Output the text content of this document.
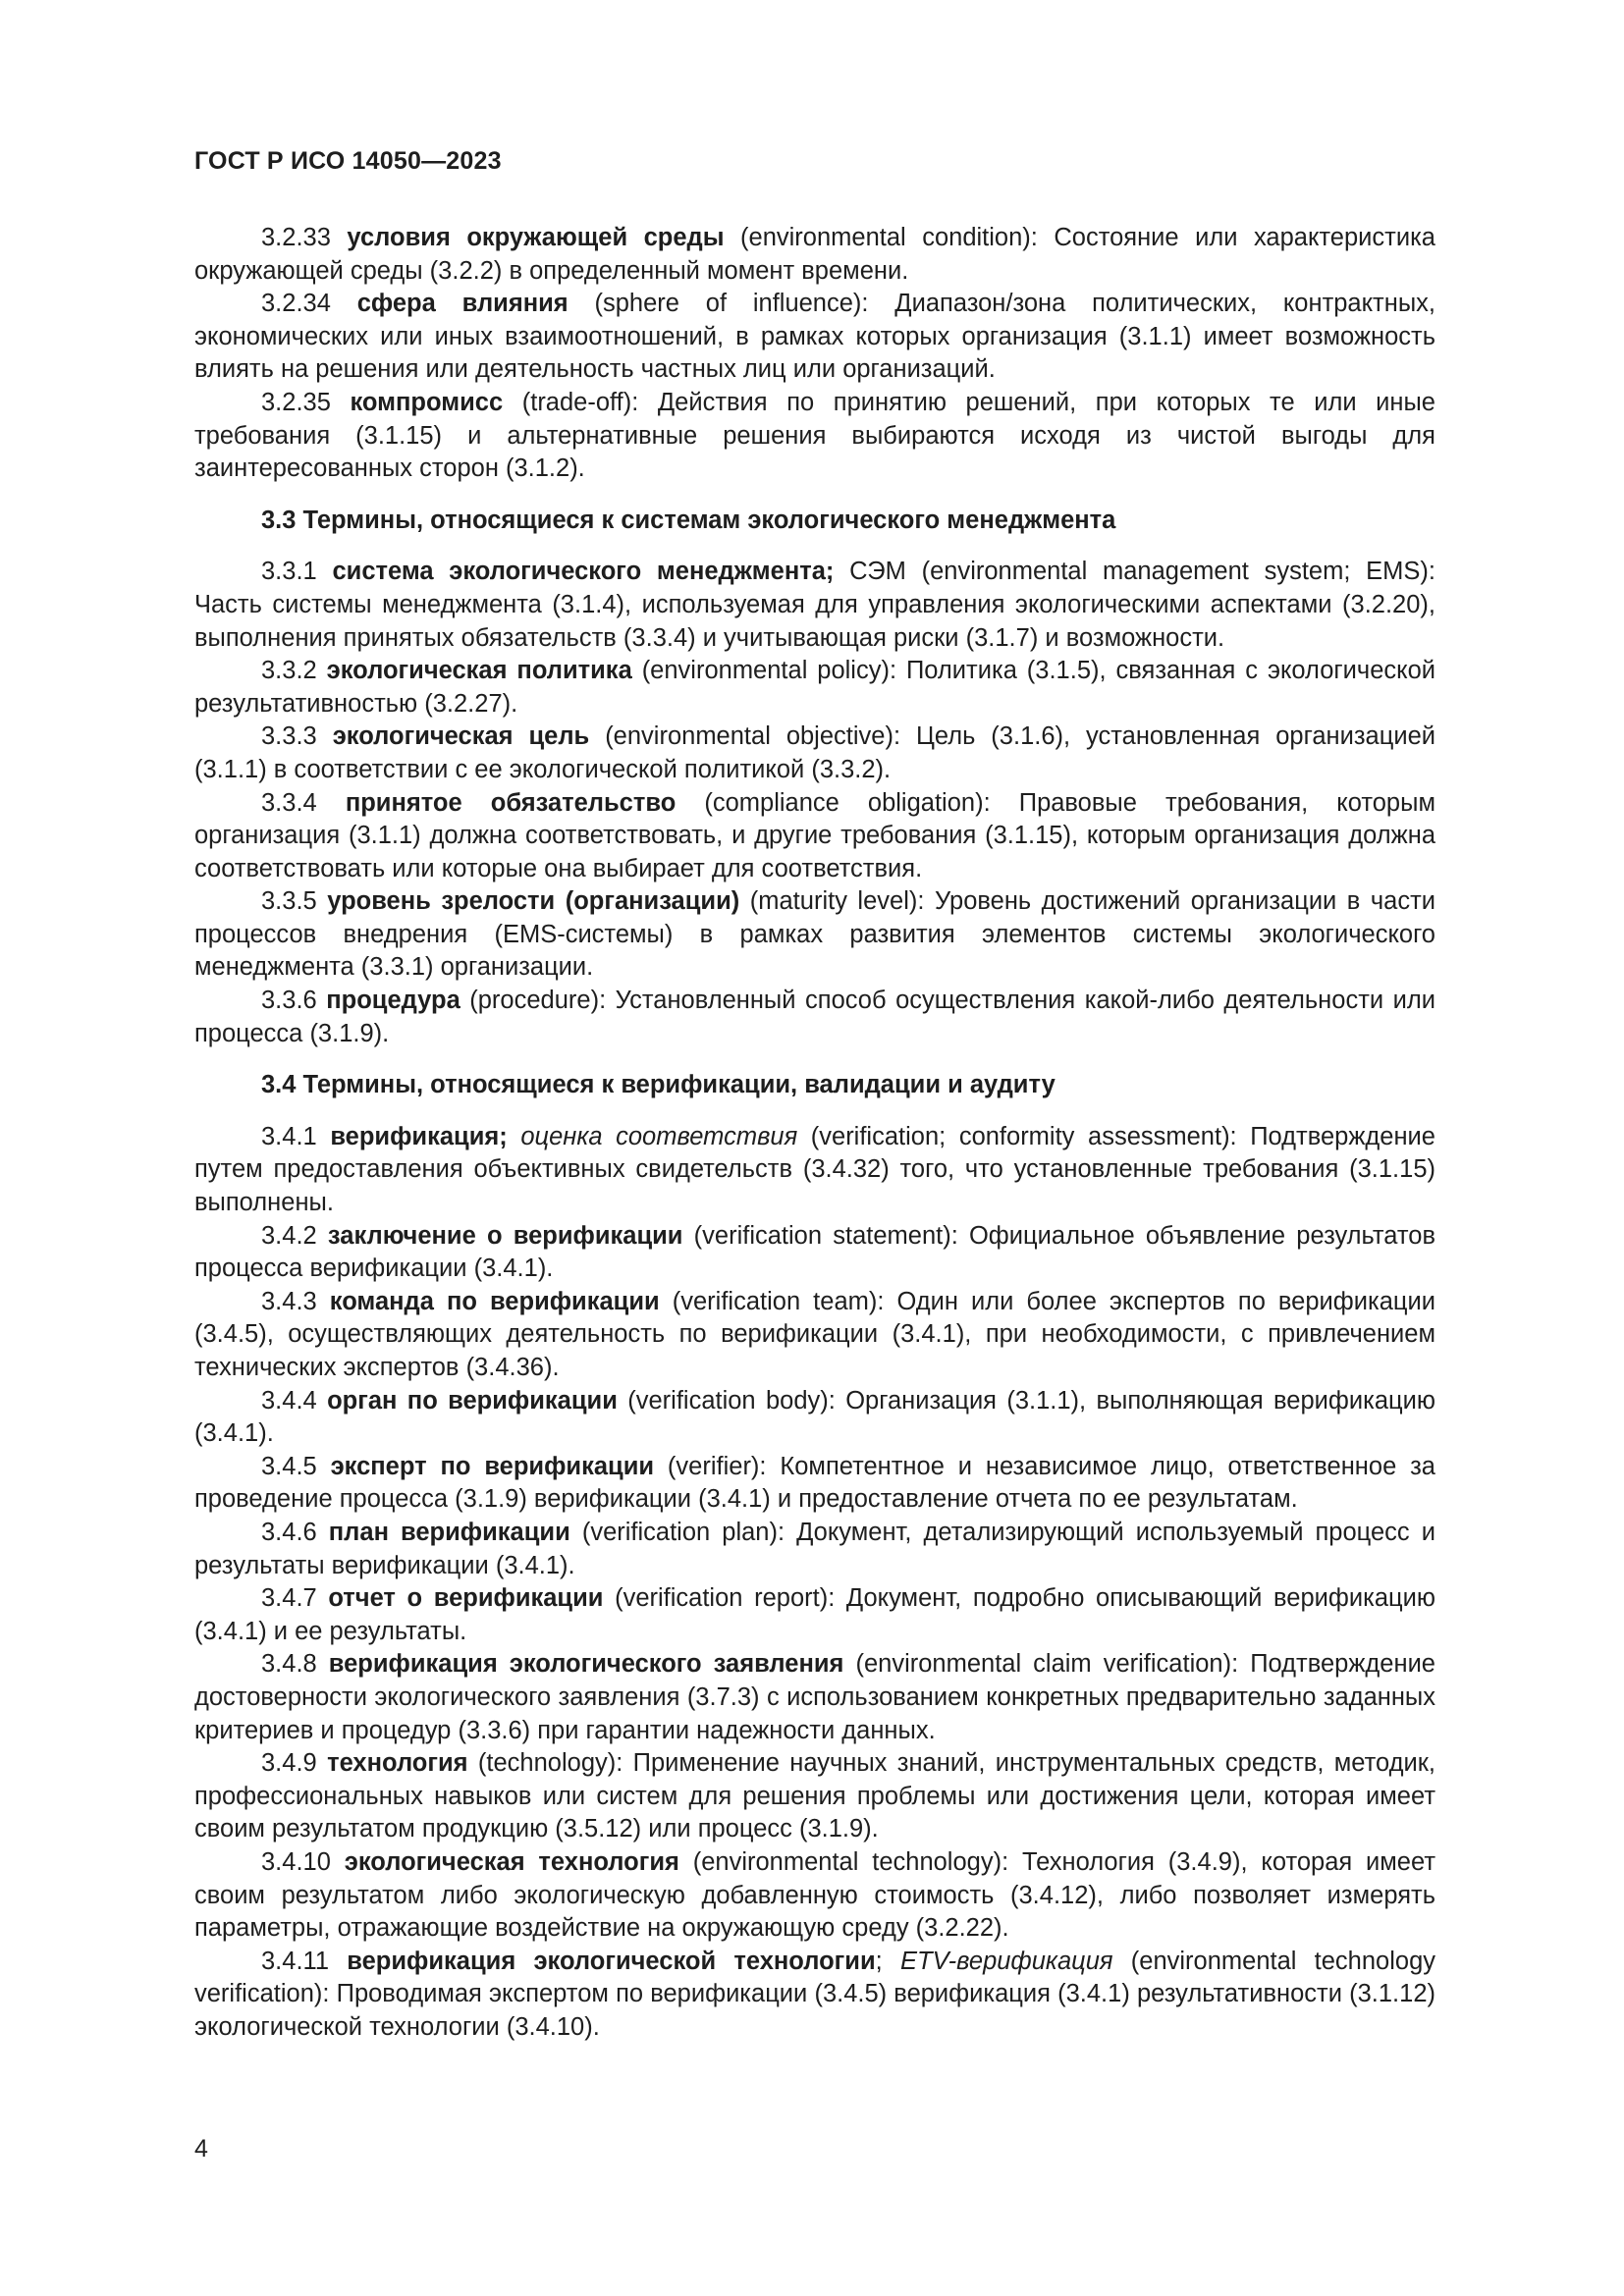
ГОСТ Р ИСО 14050—2023

3.2.33 условия окружающей среды (environmental condition): Состояние или характеристика окружающей среды (3.2.2) в определенный момент времени.

3.2.34 сфера влияния (sphere of influence): Диапазон/зона политических, контрактных, экономических или иных взаимоотношений, в рамках которых организация (3.1.1) имеет возможность влиять на решения или деятельность частных лиц или организаций.

3.2.35 компромисс (trade-off): Действия по принятию решений, при которых те или иные требования (3.1.15) и альтернативные решения выбираются исходя из чистой выгоды для заинтересованных сторон (3.1.2).

3.3 Термины, относящиеся к системам экологического менеджмента

3.3.1 система экологического менеджмента; СЭМ (environmental management system; EMS): Часть системы менеджмента (3.1.4), используемая для управления экологическими аспектами (3.2.20), выполнения принятых обязательств (3.3.4) и учитывающая риски (3.1.7) и возможности.

3.3.2 экологическая политика (environmental policy): Политика (3.1.5), связанная с экологической результативностью (3.2.27).

3.3.3 экологическая цель (environmental objective): Цель (3.1.6), установленная организацией (3.1.1) в соответствии с ее экологической политикой (3.3.2).

3.3.4 принятое обязательство (compliance obligation): Правовые требования, которым организация (3.1.1) должна соответствовать, и другие требования (3.1.15), которым организация должна соответствовать или которые она выбирает для соответствия.

3.3.5 уровень зрелости (организации) (maturity level): Уровень достижений организации в части процессов внедрения (EMS-системы) в рамках развития элементов системы экологического менеджмента (3.3.1) организации.

3.3.6 процедура (procedure): Установленный способ осуществления какой-либо деятельности или процесса (3.1.9).

3.4 Термины, относящиеся к верификации, валидации и аудиту

3.4.1 верификация; оценка соответствия (verification; conformity assessment): Подтверждение путем предоставления объективных свидетельств (3.4.32) того, что установленные требования (3.1.15) выполнены.

3.4.2 заключение о верификации (verification statement): Официальное объявление результатов процесса верификации (3.4.1).

3.4.3 команда по верификации (verification team): Один или более экспертов по верификации (3.4.5), осуществляющих деятельность по верификации (3.4.1), при необходимости, с привлечением технических экспертов (3.4.36).

3.4.4 орган по верификации (verification body): Организация (3.1.1), выполняющая верификацию (3.4.1).

3.4.5 эксперт по верификации (verifier): Компетентное и независимое лицо, ответственное за проведение процесса (3.1.9) верификации (3.4.1) и предоставление отчета по ее результатам.

3.4.6 план верификации (verification plan): Документ, детализирующий используемый процесс и результаты верификации (3.4.1).

3.4.7 отчет о верификации (verification report): Документ, подробно описывающий верификацию (3.4.1) и ее результаты.

3.4.8 верификация экологического заявления (environmental claim verification): Подтверждение достоверности экологического заявления (3.7.3) с использованием конкретных предварительно заданных критериев и процедур (3.3.6) при гарантии надежности данных.

3.4.9 технология (technology): Применение научных знаний, инструментальных средств, методик, профессиональных навыков или систем для решения проблемы или достижения цели, которая имеет своим результатом продукцию (3.5.12) или процесс (3.1.9).

3.4.10 экологическая технология (environmental technology): Технология (3.4.9), которая имеет своим результатом либо экологическую добавленную стоимость (3.4.12), либо позволяет измерять параметры, отражающие воздействие на окружающую среду (3.2.22).

3.4.11 верификация экологической технологии; ETV-верификация (environmental technology verification): Проводимая экспертом по верификации (3.4.5) верификация (3.4.1) результативности (3.1.12) экологической технологии (3.4.10).

4
